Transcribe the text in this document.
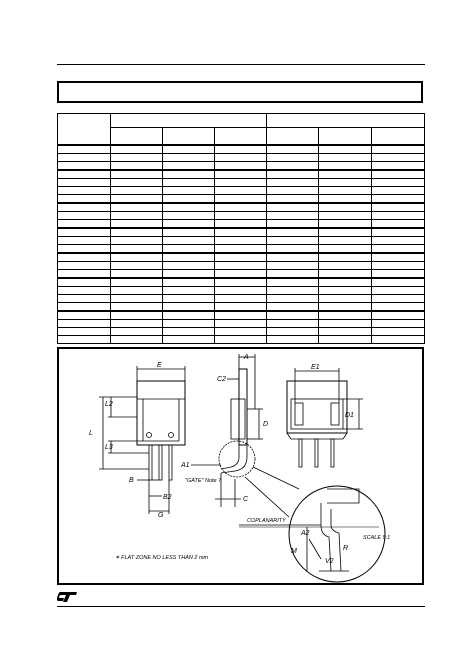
E
L2
L
L3
B
B2
G
A
C2
D
A1
C
E1
D1
"GATE" Note 7
COPLANARITY
A2
SCALE 5:1
R
M
V2
✶ FLAT ZONE NO LESS THAN 2 mm
